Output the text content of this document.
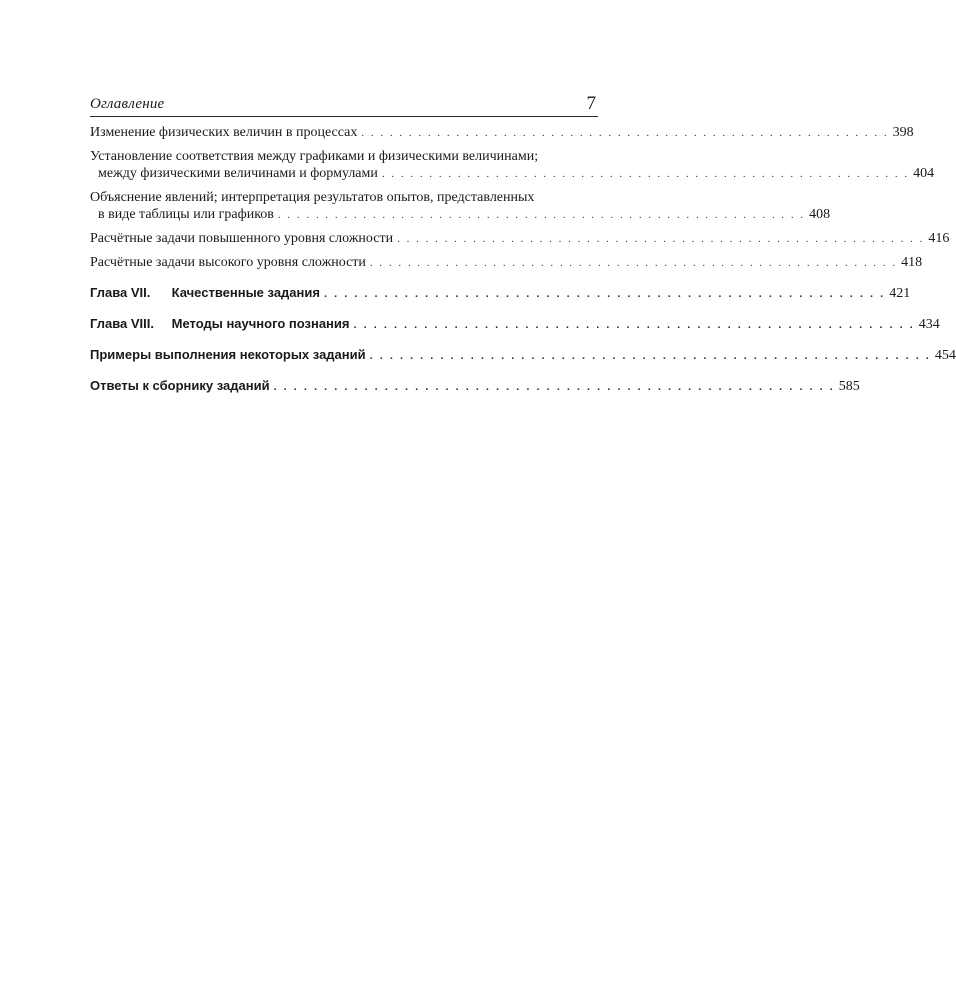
Оглавление	7
Изменение физических величин в процессах . . . . . . . . . . . . . . . . . . . . . . . . . . . . . . . . . . . . . . . . . . . . . . . . . . . . . . . . 398
Установление соответствия между графиками и физическими величинами;
между физическими величинами и формулами . . . . . . . . . . . . . . . . . . . . . . . . . . . . . . . . . . . . . . . . . . . . . . . . . . . . . . . . 404
Объяснение явлений; интерпретация результатов опытов, представленных
в виде таблицы или графиков . . . . . . . . . . . . . . . . . . . . . . . . . . . . . . . . . . . . . . . . . . . . . . . . . . . . . . . . 408
Расчётные задачи повышенного уровня сложности . . . . . . . . . . . . . . . . . . . . . . . . . . . . . . . . . . . . . . . . . . . . . . . . . . . . . . . . 416
Расчётные задачи высокого уровня сложности . . . . . . . . . . . . . . . . . . . . . . . . . . . . . . . . . . . . . . . . . . . . . . . . . . . . . . . . 418
Глава VII. Качественные задания . . . . . . . . . . . . . . . . . . . . . . . . . . . . . . . . . . . . . . . . . . . . . . . . . . . . . . . . 421
Глава VIII. Методы научного познания . . . . . . . . . . . . . . . . . . . . . . . . . . . . . . . . . . . . . . . . . . . . . . . . . . . . . . . . 434
Примеры выполнения некоторых заданий . . . . . . . . . . . . . . . . . . . . . . . . . . . . . . . . . . . . . . . . . . . . . . . . . . . . . . . . 454
Ответы к сборнику заданий . . . . . . . . . . . . . . . . . . . . . . . . . . . . . . . . . . . . . . . . . . . . . . . . . . . . . . . . 585
